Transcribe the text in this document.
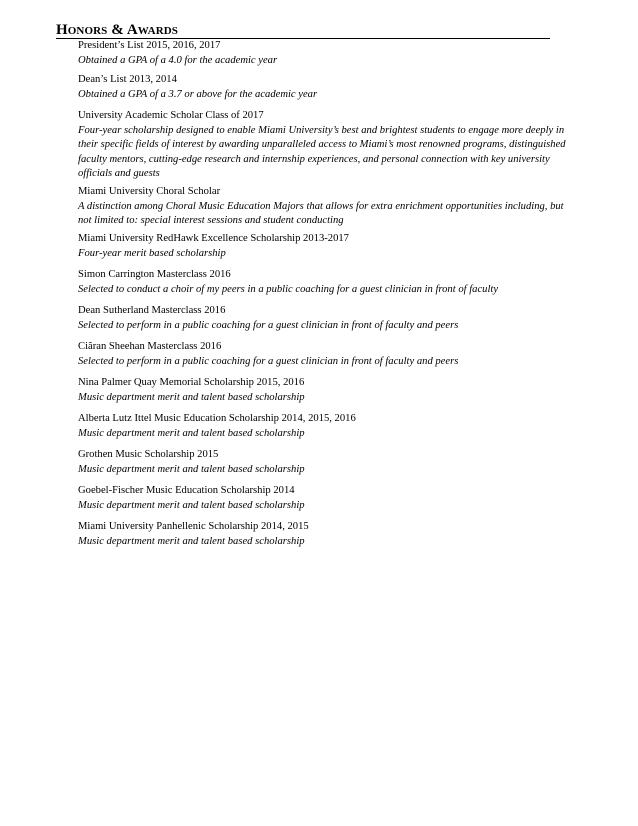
Honors & Awards
President’s List 2015, 2016, 2017
Obtained a GPA of a 4.0 for the academic year
Dean’s List 2013, 2014
Obtained a GPA of a 3.7 or above for the academic year
University Academic Scholar Class of 2017
Four-year scholarship designed to enable Miami University’s best and brightest students to engage more deeply in their specific fields of interest by awarding unparalleled access to Miami’s most renowned programs, distinguished faculty mentors, cutting-edge research and internship experiences, and personal connection with key university officials and guests
Miami University Choral Scholar
A distinction among Choral Music Education Majors that allows for extra enrichment opportunities including, but not limited to: special interest sessions and student conducting
Miami University RedHawk Excellence Scholarship 2013-2017
Four-year merit based scholarship
Simon Carrington Masterclass 2016
Selected to conduct a choir of my peers in a public coaching for a guest clinician in front of faculty
Dean Sutherland Masterclass 2016
Selected to perform in a public coaching for a guest clinician in front of faculty and peers
Ciãran Sheehan Masterclass 2016
Selected to perform in a public coaching for a guest clinician in front of faculty and peers
Nina Palmer Quay Memorial Scholarship 2015, 2016
Music department merit and talent based scholarship
Alberta Lutz Ittel Music Education Scholarship 2014, 2015, 2016
Music department merit and talent based scholarship
Grothen Music Scholarship 2015
Music department merit and talent based scholarship
Goebel-Fischer Music Education Scholarship 2014
Music department merit and talent based scholarship
Miami University Panhellenic Scholarship 2014, 2015
Music department merit and talent based scholarship
